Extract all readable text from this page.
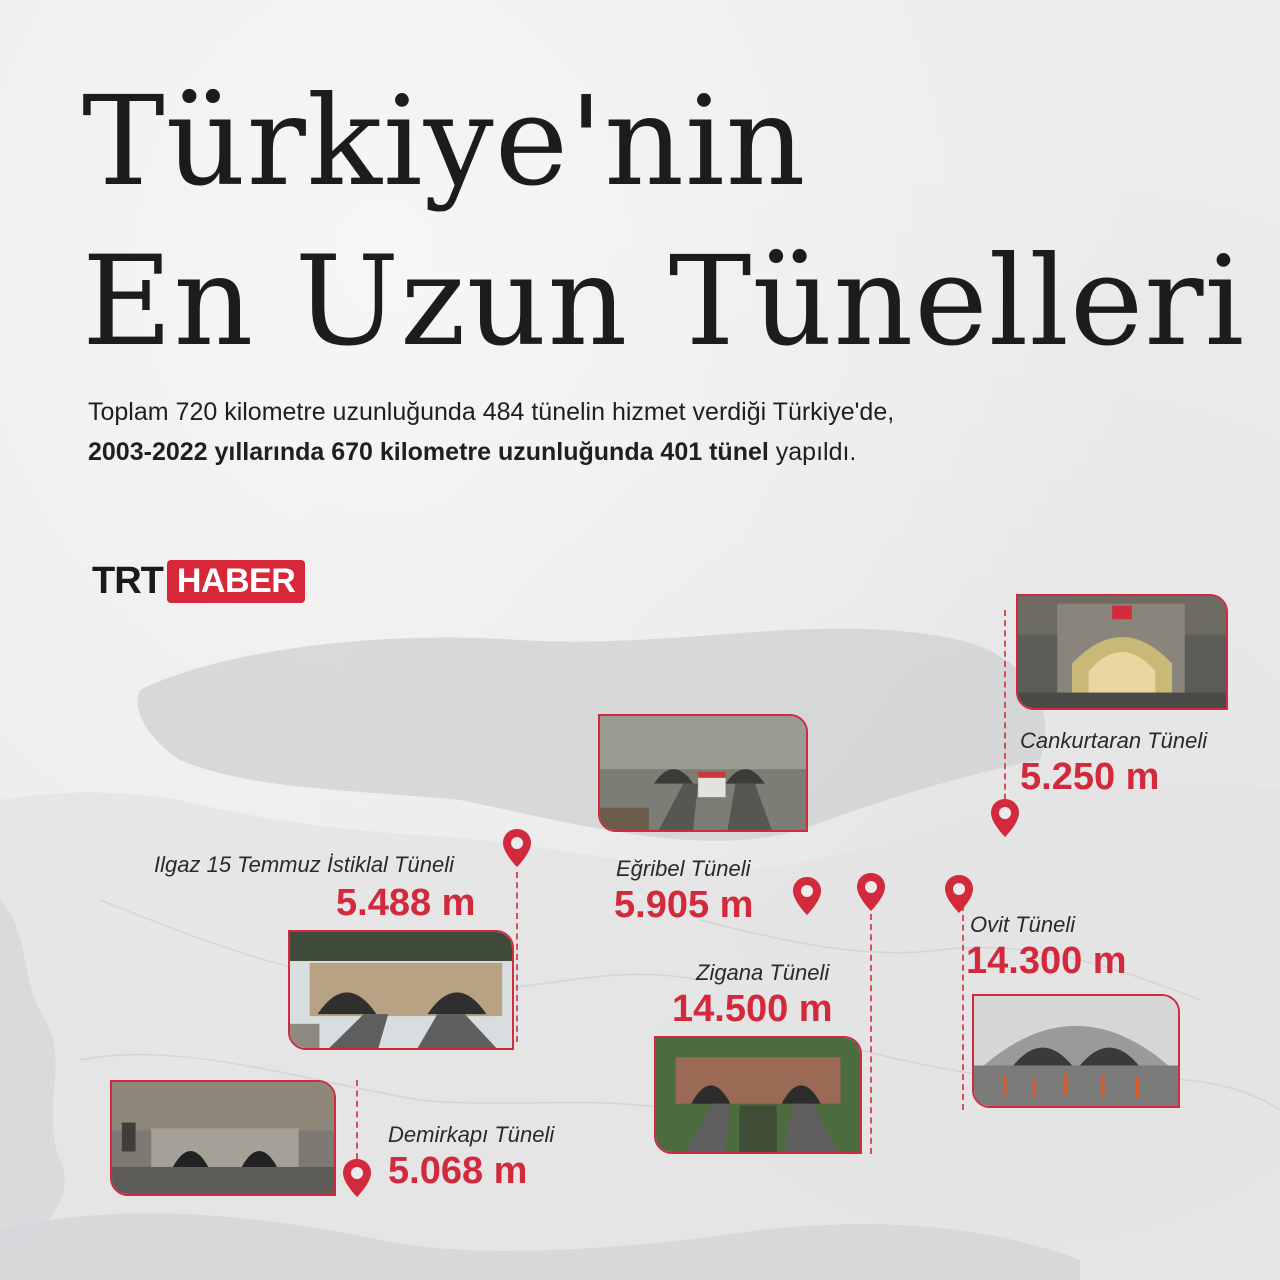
Türkiye'nin
En Uzun Tünelleri
Toplam 720 kilometre uzunluğunda 484 tünelin hizmet verdiği Türkiye'de,
2003-2022 yıllarında 670 kilometre uzunluğunda 401 tünel yapıldı.
TRT HABER
Cankurtaran Tüneli
5.250 m
Eğribel Tüneli
5.905 m
Ilgaz 15 Temmuz İstiklal Tüneli
5.488 m
Ovit Tüneli
14.300 m
Zigana Tüneli
14.500 m
Demirkapı Tüneli
5.068 m
